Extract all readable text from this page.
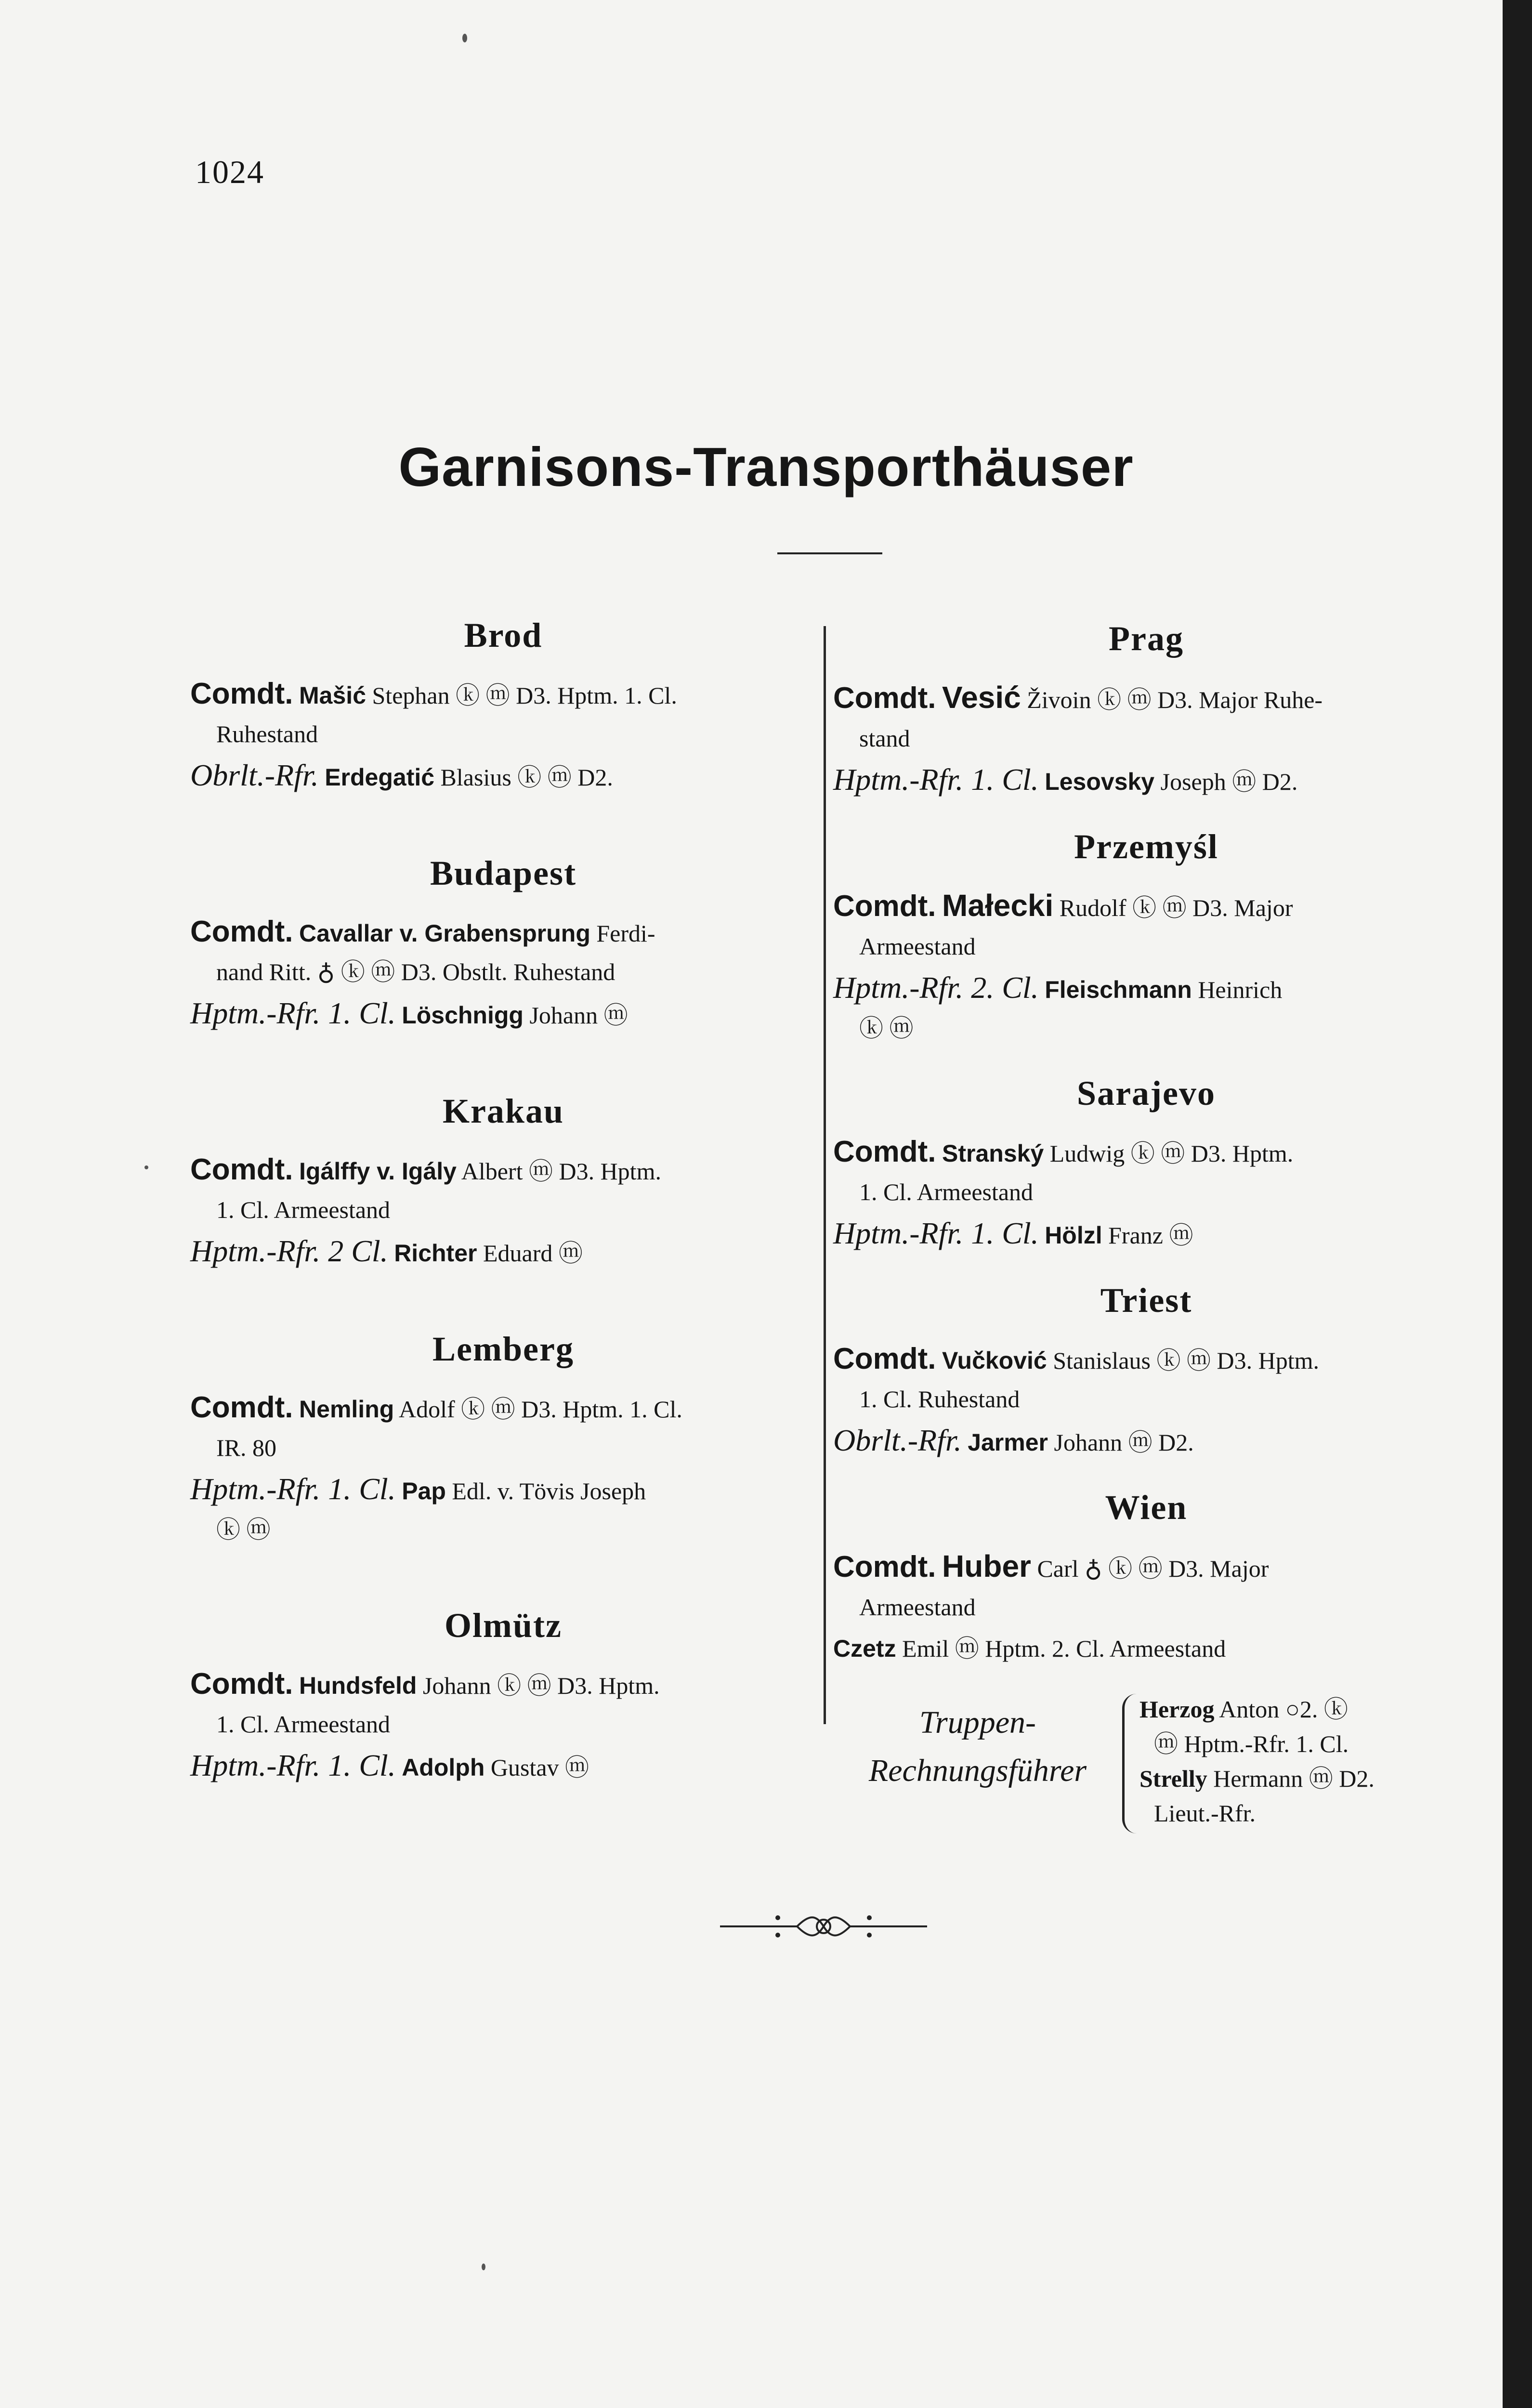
1024
Garnisons-Transporthäuser
Brod
Comdt. Mašić Stephan ⓚ ⓜ D3. Hptm. 1. Cl.
Ruhestand
Obrlt.-Rfr. Erdegatić Blasius ⓚ ⓜ D2.
Budapest
Comdt. Cavallar v. Grabensprung Ferdi-
nand Ritt. ♁ ⓚ ⓜ D3. Obstlt. Ruhestand
Hptm.-Rfr. 1. Cl. Löschnigg Johann ⓜ
Krakau
Comdt. Igálffy v. Igály Albert ⓜ D3. Hptm.
1. Cl. Armeestand
Hptm.-Rfr. 2 Cl. Richter Eduard ⓜ
Lemberg
Comdt. Nemling Adolf ⓚ ⓜ D3. Hptm. 1. Cl.
IR. 80
Hptm.-Rfr. 1. Cl. Pap Edl. v. Tövis Joseph
ⓚ ⓜ
Olmütz
Comdt. Hundsfeld Johann ⓚ ⓜ D3. Hptm.
1. Cl. Armeestand
Hptm.-Rfr. 1. Cl. Adolph Gustav ⓜ
Prag
Comdt. Vesić Živoin ⓚ ⓜ D3. Major Ruhe-
stand
Hptm.-Rfr. 1. Cl. Lesovsky Joseph ⓜ D2.
Przemyśl
Comdt. Małecki Rudolf ⓚ ⓜ D3. Major
Armeestand
Hptm.-Rfr. 2. Cl. Fleischmann Heinrich
ⓚ ⓜ
Sarajevo
Comdt. Stranský Ludwig ⓚ ⓜ D3. Hptm.
1. Cl. Armeestand
Hptm.-Rfr. 1. Cl. Hölzl Franz ⓜ
Triest
Comdt. Vučković Stanislaus ⓚ ⓜ D3. Hptm.
1. Cl. Ruhestand
Obrlt.-Rfr. Jarmer Johann ⓜ D2.
Wien
Comdt. Huber Carl ♁ ⓚ ⓜ D3. Major
Armeestand
Czetz Emil ⓜ Hptm. 2. Cl. Armeestand
Truppen-
Rechnungsführer
Herzog Anton ○2. ⓚ
ⓜ Hptm.-Rfr. 1. Cl.
Strelly Hermann ⓜ D2.
Lieut.-Rfr.
